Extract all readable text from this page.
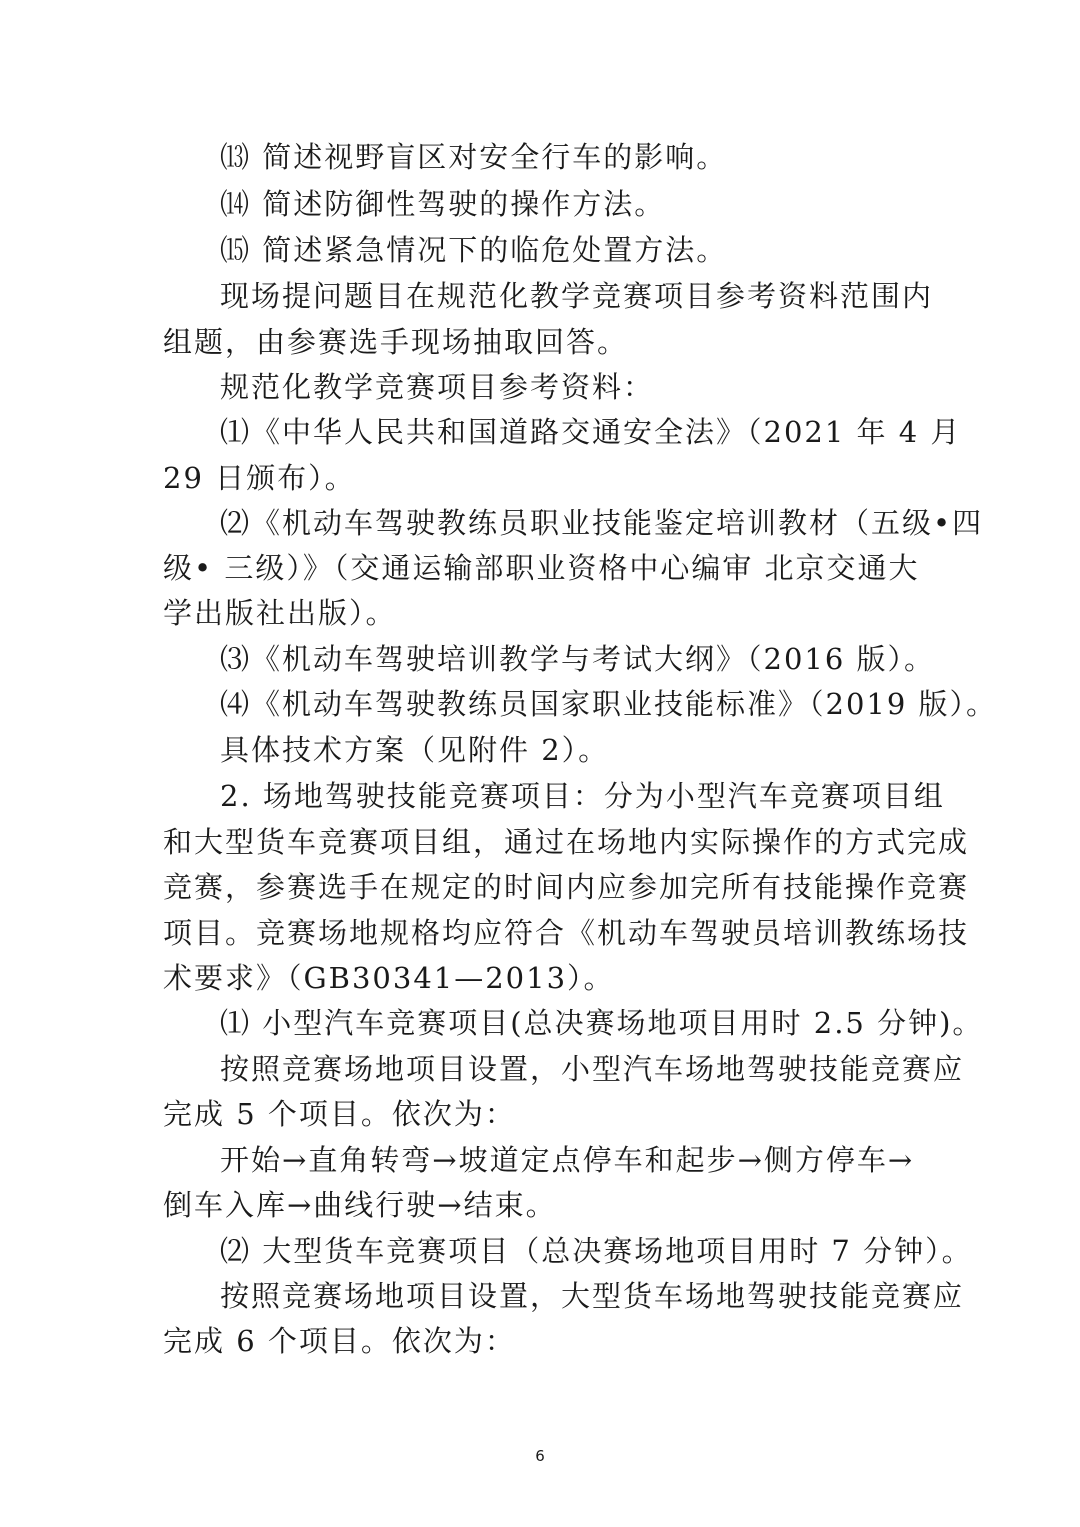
⒀ 简述视野盲区对安全行车的影响。
⒁ 简述防御性驾驶的操作方法。
⒂ 简述紧急情况下的临危处置方法。
现场提问题目在规范化教学竞赛项目参考资料范围内
组题，由参赛选手现场抽取回答。
规范化教学竞赛项目参考资料：
⑴《中华人民共和国道路交通安全法》（2021 年 4 月
29 日颁布）。
⑵《机动车驾驶教练员职业技能鉴定培训教材（五级•四
级• 三级）》（交通运输部职业资格中心编审 北京交通大
学出版社出版）。
⑶《机动车驾驶培训教学与考试大纲》（2016 版）。
⑷《机动车驾驶教练员国家职业技能标准》（2019 版）。
具体技术方案（见附件 2）。
2. 场地驾驶技能竞赛项目：分为小型汽车竞赛项目组
和大型货车竞赛项目组，通过在场地内实际操作的方式完成
竞赛，参赛选手在规定的时间内应参加完所有技能操作竞赛
项目。竞赛场地规格均应符合《机动车驾驶员培训教练场技
术要求》（GB30341—2013）。
⑴ 小型汽车竞赛项目(总决赛场地项目用时 2.5 分钟)。
按照竞赛场地项目设置，小型汽车场地驾驶技能竞赛应
完成 5 个项目。依次为：
开始→直角转弯→坡道定点停车和起步→侧方停车→
倒车入库→曲线行驶→结束。
⑵ 大型货车竞赛项目（总决赛场地项目用时 7 分钟）。
按照竞赛场地项目设置，大型货车场地驾驶技能竞赛应
完成 6 个项目。依次为：
6
